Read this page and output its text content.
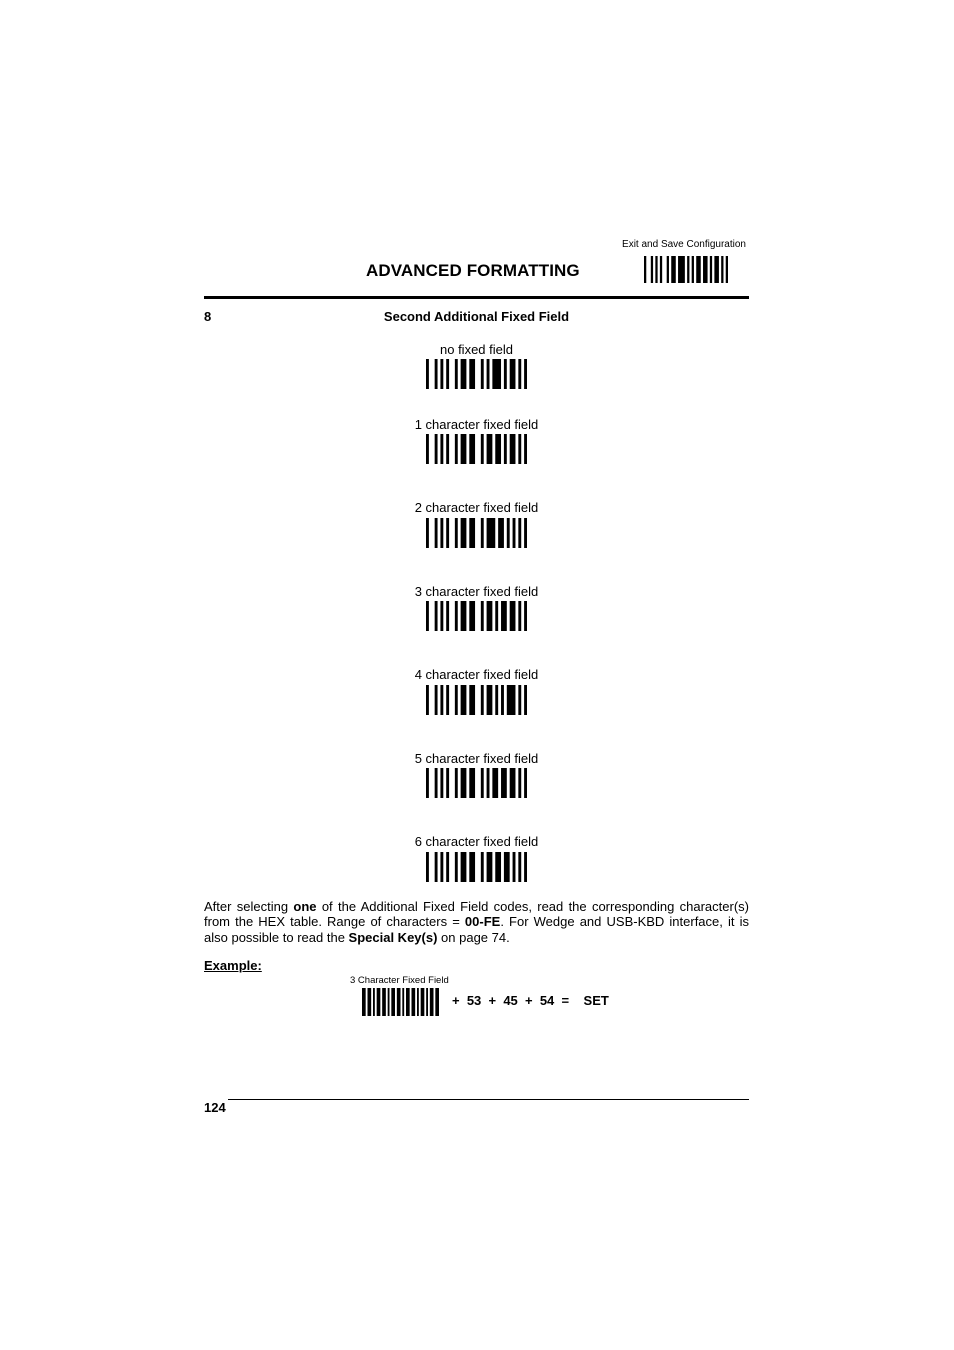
Exit and Save Configuration
ADVANCED FORMATTING
8	Second Additional Fixed Field
no fixed field
1 character fixed field
2 character fixed field
3 character fixed field
4 character fixed field
5 character fixed field
6 character fixed field
After selecting one of the Additional Fixed Field codes, read the corresponding character(s) from the HEX table. Range of characters = 00-FE. For Wedge and USB-KBD interface, it is also possible to read the Special Key(s) on page 74.
Example:
3 Character Fixed Field
+  53  +  45  +  54  =    SET
124
